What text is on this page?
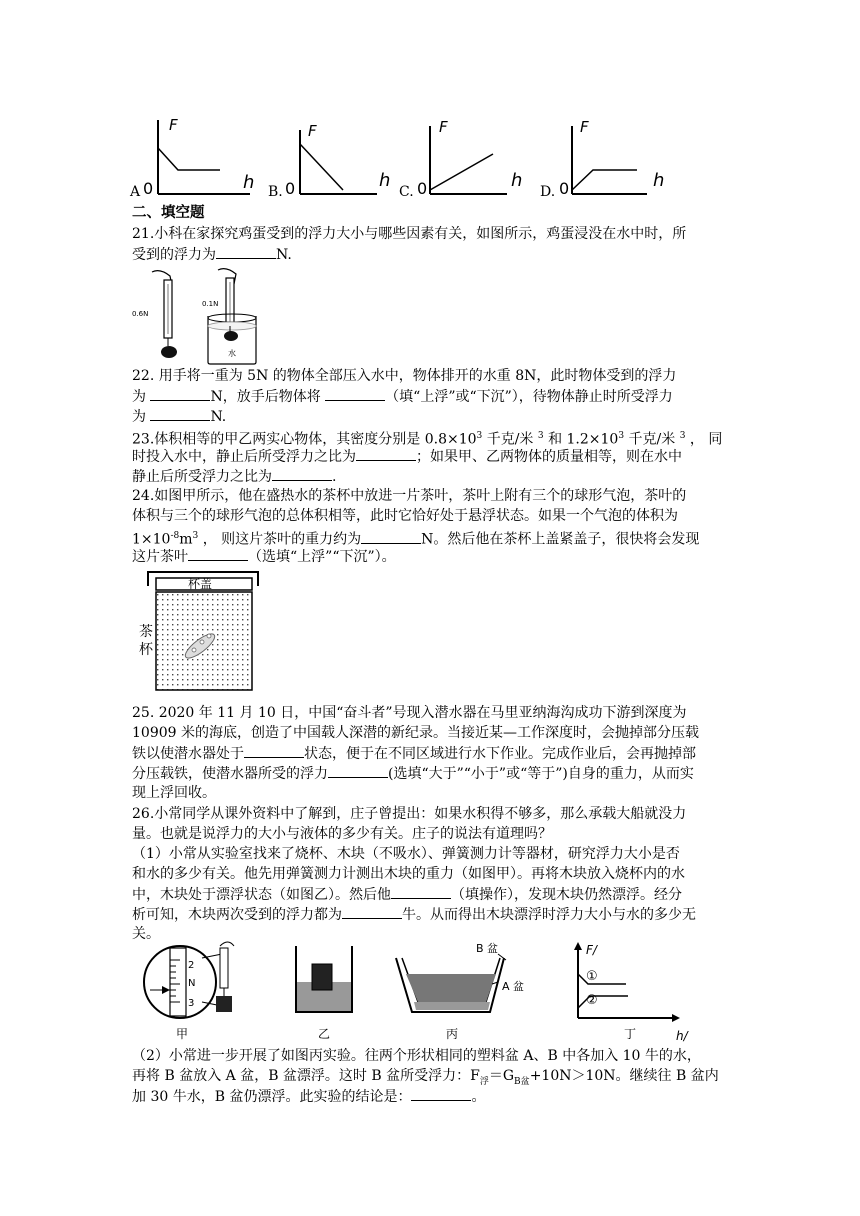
F
h
0
F
h
0
F
h
0
F
h
0
A	B.	C.	D.
二、填空题
21.小科在家探究鸡蛋受到的浮力大小与哪些因素有关，如图所示，鸡蛋浸没在水中时，所
受到的浮力为	N.
0.6N
0.1N
水
22. 用手将一重为 5N 的物体全部压入水中，物体排开的水重 8N，此时物体受到的浮力
为	N，放手后物体将	（填“上浮”或“下沉”），待物体静止时所受浮力
为	N.
23.体积相等的甲乙两实心物体，其密度分别是 $0.8\times 10^3$ 千克/米 $^3$ 和 $1.2\times 10^3$ 千克/米 $^3$ ， 同
时投入水中，静止后所受浮力之比为	；如果甲、乙两物体的质量相等，则在水中
静止后所受浮力之比为	.
24.如图甲所示，他在盛热水的茶杯中放进一片茶叶，茶叶上附有三个的球形气泡，茶叶的
体积与三个的球形气泡的总体积相等，此时它恰好处于悬浮状态。如果一个气泡的体积为
$1\times 10^{-8}m^3$ ， 则这片茶叶的重力约为	N。然后他在茶杯上盖紧盖子，很快将会发现
这片茶叶	（选填“上浮”“下沉”）。
杯盖
茶
杯
25. 2020 年 11 月 10 日，中国“奋斗者”号现入潜水器在马里亚纳海沟成功下游到深度为
10909 米的海底，创造了中国载人深潜的新纪录。当接近某—工作深度时，会抛掉部分压载
铁以使潜水器处于	状态，便于在不同区域进行水下作业。完成作业后，会再抛掉部
分压载铁，使潜水器所受的浮力	(选填“大于”“小于”或“等于”)自身的重力，从而实
现上浮回收。
26.小常同学从课外资料中了解到，庄子曾提出：如果水积得不够多，那么承载大船就没力
量。也就是说浮力的大小与液体的多少有关。庄子的说法有道理吗？
（1）小常从实验室找来了烧杯、木块（不吸水）、弹簧测力计等器材，研究浮力大小是否
和水的多少有关。他先用弹簧测力计测出木块的重力（如图甲）。再将木块放入烧杯内的水
中，木块处于漂浮状态（如图乙）。然后他	（填操作），发现木块仍然漂浮。经分
析可知，木块两次受到的浮力都为	牛。从而得出木块漂浮时浮力大小与水的多少无
关。
2
N
3
甲	乙
B 盆
A 盆
丙
F/
h/
①
②
丁
（2）小常进一步开展了如图丙实验。往两个形状相同的塑料盆 A、B 中各加入 10 牛的水，
再将 B 盆放入 A 盆，B 盆漂浮。这时 B 盆所受浮力：$F_浮=G_{B盆}+10N>10N$。继续往 B 盆内
加 30 牛水，B 盆仍漂浮。此实验的结论是：	。
